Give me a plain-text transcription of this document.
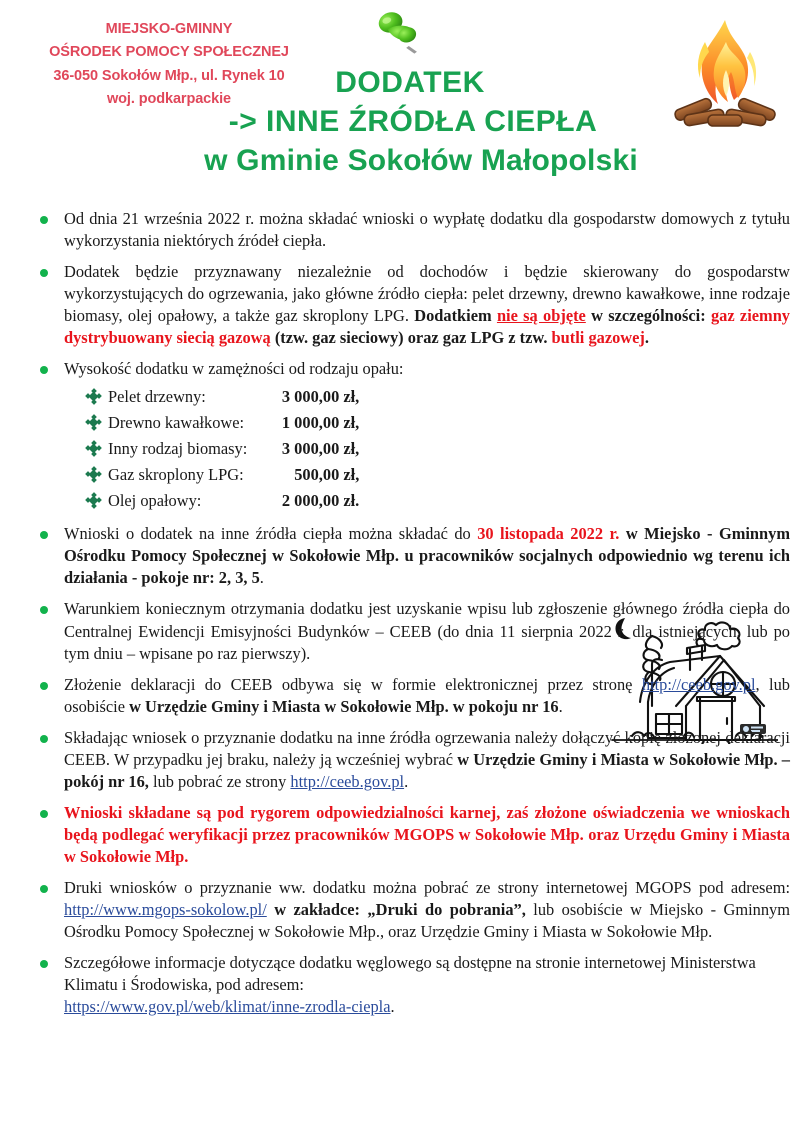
MIEJSKO-GMINNY
OŚRODEK POMOCY SPOŁECZNEJ
36-050 Sokołów Młp., ul. Rynek 10
woj. podkarpackie
DODATEK
-> INNE ŹRÓDŁA CIEPŁA
w Gminie Sokołów Małopolski
Od dnia 21 września 2022 r. można składać wnioski o wypłatę dodatku dla gospodarstw domowych z tytułu wykorzystania niektórych źródeł ciepła.
Dodatek będzie przyznawany niezależnie od dochodów i będzie skierowany do gospodarstw wykorzystujących do ogrzewania, jako główne źródło ciepła: pelet drzewny, drewno kawałkowe, inne rodzaje biomasy, olej opałowy, a także gaz skroplony LPG. Dodatkiem nie są objęte w szczególności: gaz ziemny dystrybuowany siecią gazową (tzw. gaz sieciowy) oraz gaz LPG z tzw. butli gazowej.
Wysokość dodatku w zamężności od rodzaju opału:
	Pelet drzewny:	3 000,00 zł,

	Drewno kawałkowe:	1 000,00 zł,

	Inny rodzaj biomasy:	3 000,00 zł,

	Gaz skroplony LPG:	500,00 zł,

	Olej opałowy:	2 000,00 zł.
Wnioski o dodatek na inne źródła ciepła można składać do 30 listopada 2022 r. w Miejsko - Gminnym Ośrodku Pomocy Społecznej w Sokołowie Młp. u pracowników socjalnych odpowiednio wg terenu ich działania - pokoje nr: 2, 3, 5.
Warunkiem koniecznym otrzymania dodatku jest uzyskanie wpisu lub zgłoszenie głównego źródła ciepła do Centralnej Ewidencji Emisyjności Budynków – CEEB (do dnia 11 sierpnia 2022 r. dla istniejących, lub po tym dniu – wpisane po raz pierwszy).
Złożenie deklaracji do CEEB odbywa się w formie elektronicznej przez stronę http://ceeb.gov.pl, lub osobiście w Urzędzie Gminy i Miasta w Sokołowie Młp. w pokoju nr 16.
Składając wniosek o przyznanie dodatku na inne źródła ogrzewania należy dołączyć kopię złożonej deklaracji CEEB. W przypadku jej braku, należy ją wcześniej wybrać w Urzędzie Gminy i Miasta w Sokołowie Młp. – pokój nr 16, lub pobrać ze strony http://ceeb.gov.pl.
Wnioski składane są pod rygorem odpowiedzialności karnej, zaś złożone oświadczenia we wnioskach będą podlegać weryfikacji przez pracowników MGOPS w Sokołowie Młp. oraz Urzędu Gminy i Miasta w Sokołowie Młp.
Druki wniosków o przyznanie ww. dodatku można pobrać ze strony internetowej MGOPS pod adresem: http://www.mgops-sokolow.pl/ w zakładce: „Druki do pobrania”, lub osobiście w Miejsko - Gminnym Ośrodku Pomocy Społecznej w Sokołowie Młp., oraz Urzędzie Gminy i Miasta w Sokołowie Młp.
Szczegółowe informacje dotyczące dodatku węglowego są dostępne na stronie internetowej Ministerstwa Klimatu i Środowiska, pod adresem:
https://www.gov.pl/web/klimat/inne-zrodla-ciepla.
